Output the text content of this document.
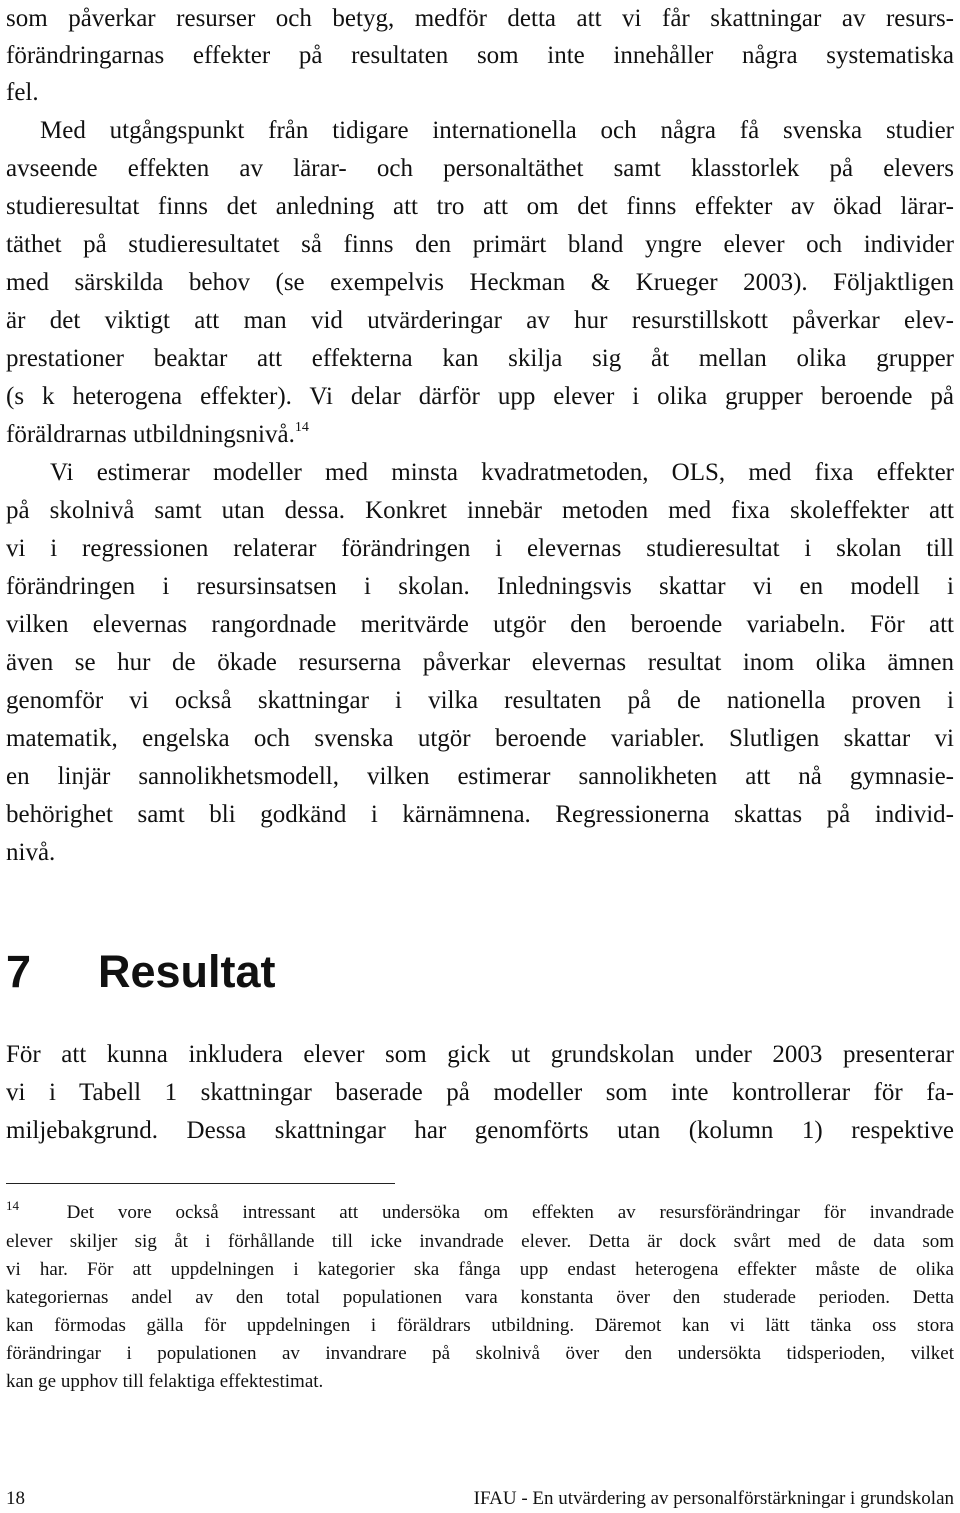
som påverkar resurser och betyg, medför detta att vi får skattningar av resurs-
förändringarnas effekter på resultaten som inte innehåller några systematiska
fel.
Med utgångspunkt från tidigare internationella och några få svenska studier
avseende effekten av lärar- och personaltäthet samt klasstorlek på elevers
studieresultat finns det anledning att tro att om det finns effekter av ökad lärar-
täthet på studieresultatet så finns den primärt bland yngre elever och individer
med särskilda behov (se exempelvis Heckman & Krueger 2003). Följaktligen
är det viktigt att man vid utvärderingar av hur resurstillskott påverkar elev-
prestationer beaktar att effekterna kan skilja sig åt mellan olika grupper
(s k heterogena effekter). Vi delar därför upp elever i olika grupper beroende på
föräldrarnas utbildningsnivå.$^{14}$
Vi estimerar modeller med minsta kvadratmetoden, OLS, med fixa effekter
på skolnivå samt utan dessa. Konkret innebär metoden med fixa skoleffekter att
vi i regressionen relaterar förändringen i elevernas studieresultat i skolan till
förändringen i resursinsatsen i skolan. Inledningsvis skattar vi en modell i
vilken elevernas rangordnade meritvärde utgör den beroende variabeln. För att
även se hur de ökade resurserna påverkar elevernas resultat inom olika ämnen
genomför vi också skattningar i vilka resultaten på de nationella proven i
matematik, engelska och svenska utgör beroende variabler. Slutligen skattar vi
en linjär sannolikhetsmodell, vilken estimerar sannolikheten att nå gymnasie-
behörighet samt bli godkänd i kärnämnena. Regressionerna skattas på individ-
nivå.
7 Resultat
För att kunna inkludera elever som gick ut grundskolan under 2003 presenterar
vi i Tabell 1 skattningar baserade på modeller som inte kontrollerar för fa-
miljebakgrund. Dessa skattningar har genomförts utan (kolumn 1) respektive
$^{14}$	Det vore också intressant att undersöka om effekten av resursförändringar för invandrade
elever skiljer sig åt i förhållande till icke invandrade elever. Detta är dock svårt med de data som
vi har. För att uppdelningen i kategorier ska fånga upp endast heterogena effekter måste de olika
kategoriernas andel av den total populationen vara konstanta över den studerade perioden. Detta
kan förmodas gälla för uppdelningen i föräldrars utbildning. Däremot kan vi lätt tänka oss stora
förändringar i populationen av invandrare på skolnivå över den undersökta tidsperioden, vilket
kan ge upphov till felaktiga effektestimat.
18	IFAU - En utvärdering av personalförstärkningar i grundskolan
